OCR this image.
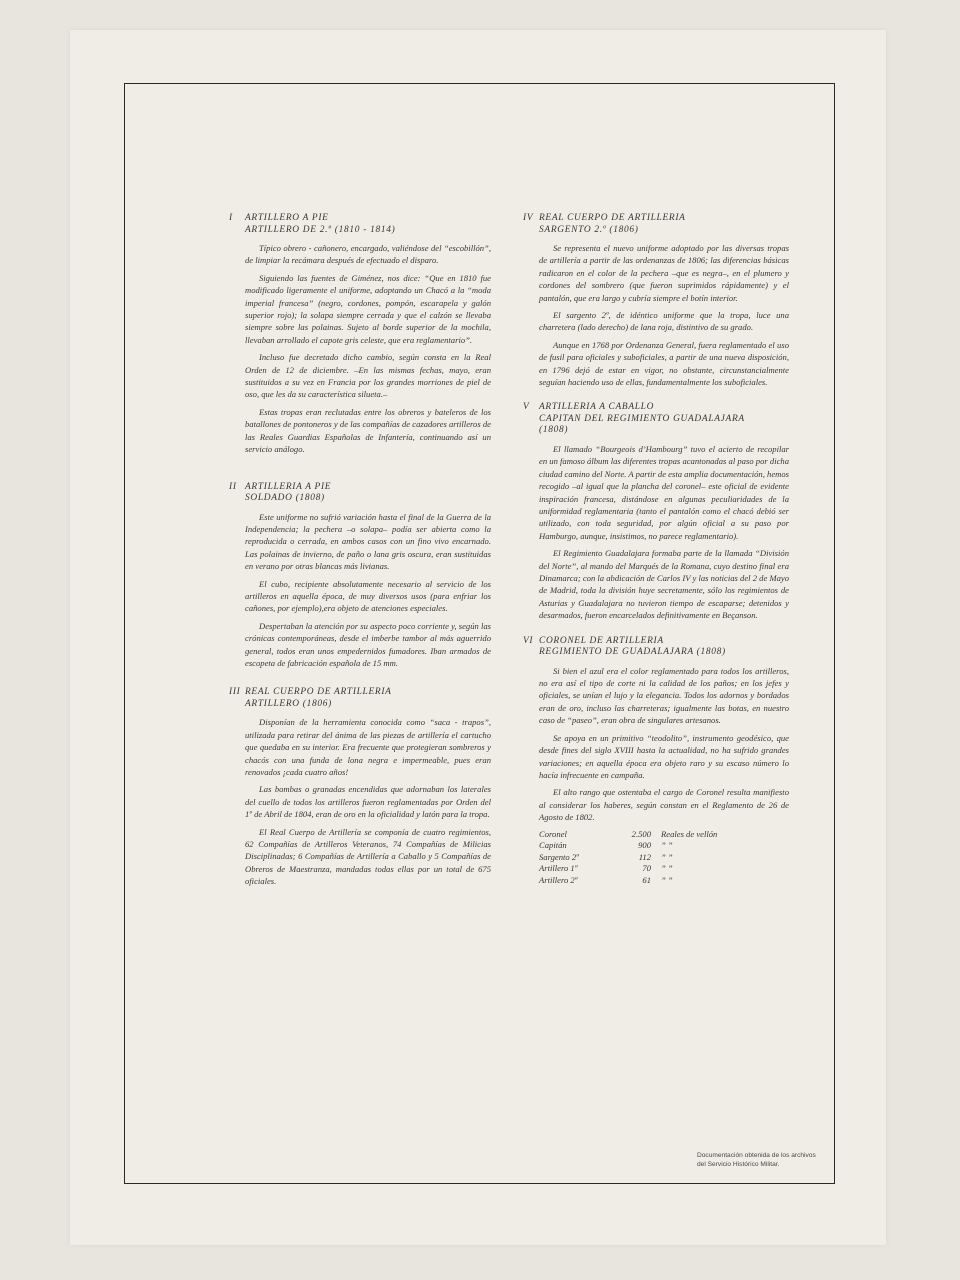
I	ARTILLERO A PIE
ARTILLERO DE 2.º (1810 - 1814)

Típico obrero - cañonero, encargado, valiéndose del “escobillón”, de limpiar la recámara después de efectuado el disparo.

Siguiendo las fuentes de Giménez, nos dice: “Que en 1810 fue modificado ligeramente el uniforme, adoptando un Chacó a la “moda imperial francesa” (negro, cordones, pompón, escarapela y galón superior rojo); la solapa siempre cerrada y que el calzón se llevaba siempre sobre las polainas. Sujeto al borde superior de la mochila, llevaban arrollado el capote gris celeste, que era reglamentario”.

Incluso fue decretado dicho cambio, según consta en la Real Orden de 12 de diciembre. –En las mismas fechas, mayo, eran sustituidos a su vez en Francia por los grandes morriones de piel de oso, que les da su característica silueta.–

Estas tropas eran reclutadas entre los obreros y bateleros de los batallones de pontoneros y de las compañías de cazadores artilleros de las Reales Guardias Españolas de Infantería, continuando así un servicio análogo.

II ARTILLERIA A PIE
SOLDADO (1808)

Este uniforme no sufrió variación hasta el final de la Guerra de la Independencia; la pechera –o solapa– podía ser abierta como la reproducida o cerrada, en ambos casos con un fino vivo encarnado. Las polainas de invierno, de paño o lana gris oscura, eran sustituidas en verano por otras blancas más livianas.

El cubo, recipiente absolutamente necesario al servicio de los artilleros en aquella época, de muy diversos usos (para enfriar los cañones, por ejemplo),era objeto de atenciones especiales.

Despertaban la atención por su aspecto poco corriente y, según las crónicas contemporáneas, desde el imberbe tambor al más aguerrido general, todos eran unos empedernidos fumadores. Iban armados de escopeta de fabricación española de 15 mm.

III REAL CUERPO DE ARTILLERIA
ARTILLERO (1806)

Disponían de la herramienta conocida como “saca - trapos”, utilizada para retirar del ánima de las piezas de artillería el cartucho que quedaba en su interior. Era frecuente que protegieran sombreros y chacós con una funda de lona negra e impermeable, pues eran renovados ¡cada cuatro años!

Las bombas o granadas encendidas que adornaban los laterales del cuello de todos los artilleros fueron reglamentadas por Orden del 1º de Abril de 1804, eran de oro en la oficialidad y latón para la tropa.

El Real Cuerpo de Artillería se componía de cuatro regimientos, 62 Compañías de Artilleros Veteranos, 74 Compañías de Milicias Disciplinadas; 6 Compañías de Artillería a Caballo y 5 Compañías de Obreros de Maestranza, mandadas todas ellas por un total de 675 oficiales.

IV REAL CUERPO DE ARTILLERIA
SARGENTO 2.º (1806)

Se representa el nuevo uniforme adoptado por las diversas tropas de artillería a partir de las ordenanzas de 1806; las diferencias básicas radicaron en el color de la pechera –que es negra–, en el plumero y cordones del sombrero (que fueron suprimidos rápidamente) y el pantalón, que era largo y cubría siempre el botín interior.

El sargento 2º, de idéntico uniforme que la tropa, luce una charretera (lado derecho) de lana roja, distintivo de su grado.

Aunque en 1768 por Ordenanza General, fuera reglamentado el uso de fusil para oficiales y suboficiales, a partir de una nueva disposición, en 1796 dejó de estar en vigor, no obstante, circunstancialmente seguían haciendo uso de ellas, fundamentalmente los suboficiales.

V	ARTILLERIA A CABALLO
CAPITAN DEL REGIMIENTO GUADALAJARA
(1808)

El llamado “Bourgeois d’Hambourg” tuvo el acierto de recopilar en un famoso álbum las diferentes tropas acantonadas al paso por dicha ciudad camino del Norte. A partir de esta amplia documentación, hemos recogido –al igual que la plancha del coronel– este oficial de evidente inspiración francesa, distándose en algunas peculiaridades de la uniformidad reglamentaria (tanto el pantalón como el chacó debió ser utilizado, con toda seguridad, por algún oficial a su paso por Hamburgo, aunque, insistimos, no parece reglamentario).

El Regimiento Guadalajara formaba parte de la llamada “División del Norte”, al mando del Marqués de la Romana, cuyo destino final era Dinamarca; con la abdicación de Carlos IV y las noticias del 2 de Mayo de Madrid, toda la división huye secretamente, sólo los regimientos de Asturias y Guadalajara no tuvieron tiempo de escaparse; detenidos y desarmados, fueron encarcelados definitivamente en Beçanson.

VI CORONEL DE ARTILLERIA
REGIMIENTO DE GUADALAJARA (1808)

Si bien el azul era el color reglamentado para todos los artilleros, no era así el tipo de corte ni la calidad de los paños; en los jefes y oficiales, se unían el lujo y la elegancia. Todos los adornos y bordados eran de oro, incluso las charreteras; igualmente las botas, en nuestro caso de “paseo”, eran obra de singulares artesanos.

Se apoya en un primitivo “teodolito”, instrumento geodésico, que desde fines del siglo XVIII hasta la actualidad, no ha sufrido grandes variaciones; en aquella época era objeto raro y su escaso número lo hacía infrecuente en campaña.

El alto rango que ostentaba el cargo de Coronel resulta manifiesto al considerar los haberes, según constan en el Reglamento de 26 de Agosto de 1802.

Coronel	2.500	Reales de vellón
Capitán	900	” ”
Sargento 2º	112	” ”
Artillero 1º	70	” ”
Artillero 2º	61	” ”
Documentación obtenida de los archivos
del Servicio Histórico Militar.
